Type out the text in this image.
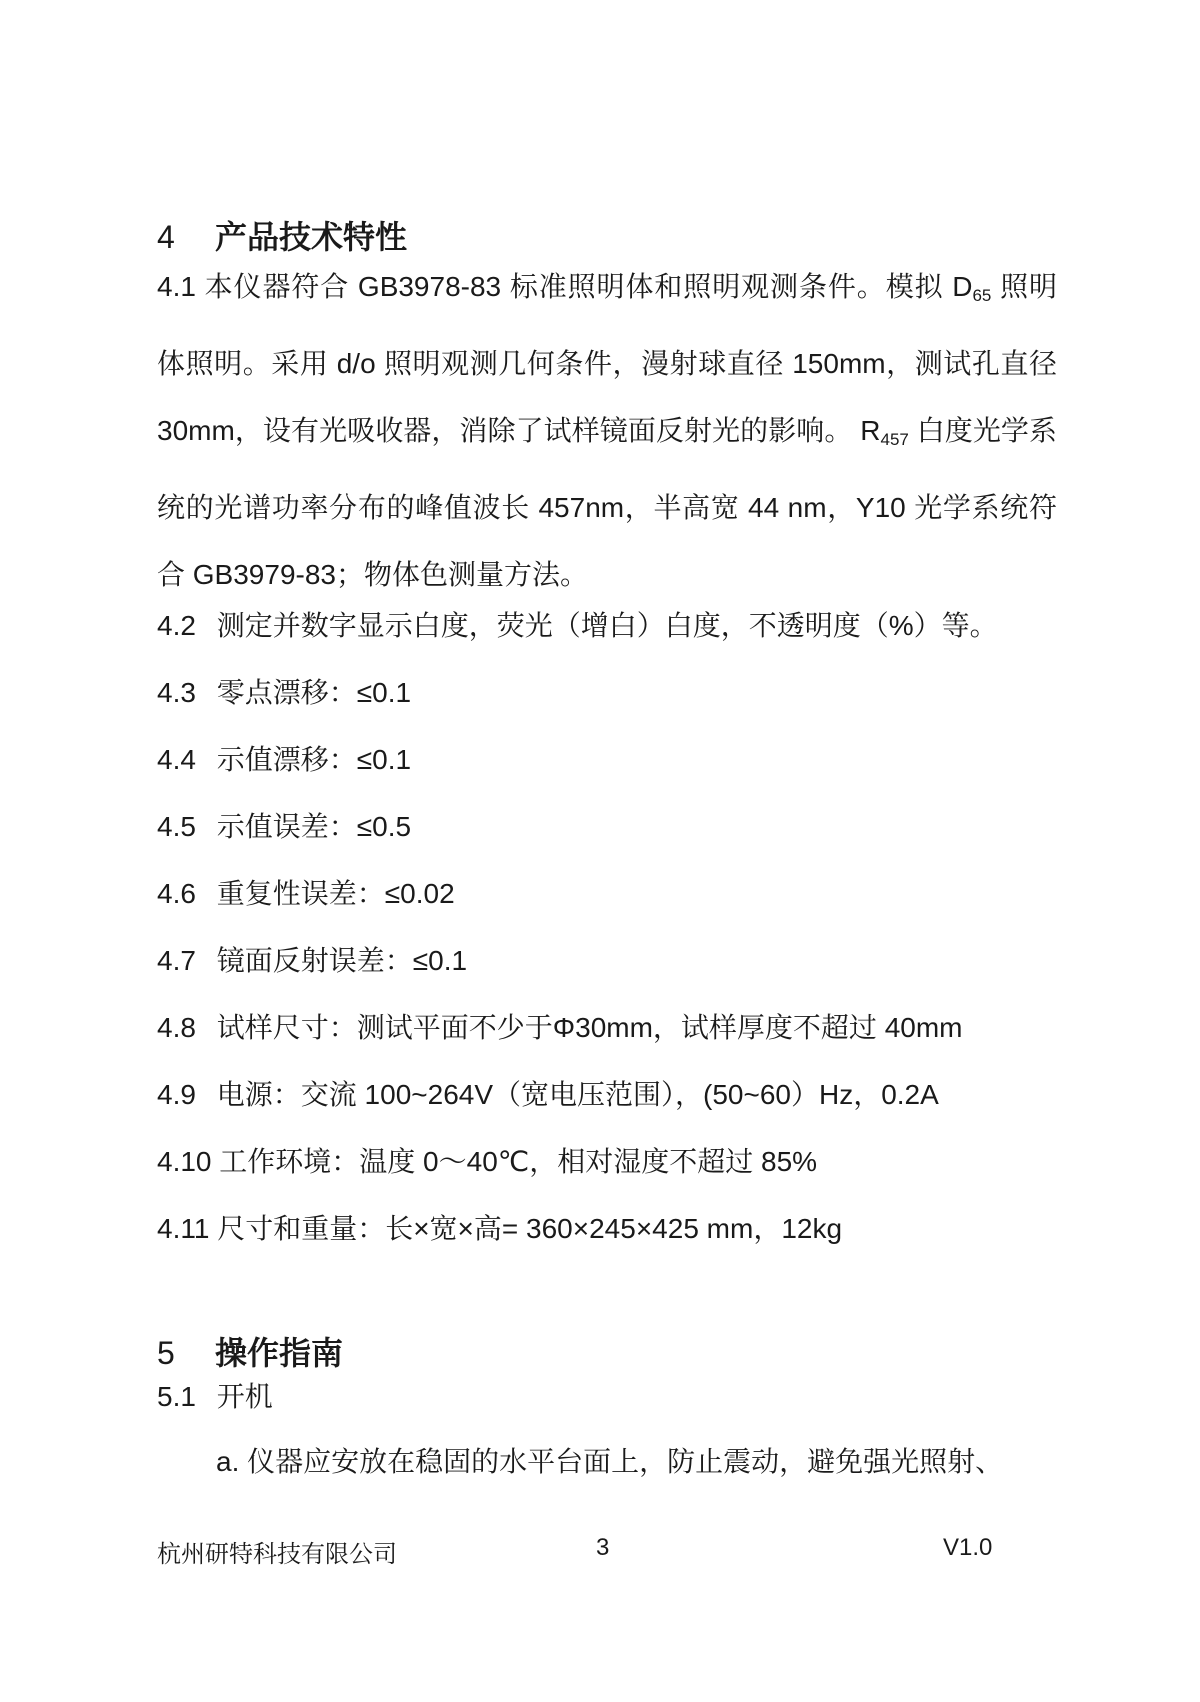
4 产品技术特性
4.1 本仪器符合 GB3978-83 标准照明体和照明观测条件。模拟 $D_{65}$ 照明体照明。采用 d/o 照明观测几何条件，漫射球直径 150mm，测试孔直径 30mm，设有光吸收器，消除了试样镜面反射光的影响。 $R_{457}$ 白度光学系统的光谱功率分布的峰值波长 457nm，半高宽 44 nm，Y10 光学系统符合 GB3979-83；物体色测量方法。
4.2 测定并数字显示白度，荧光（增白）白度，不透明度（%）等。
4.3 零点漂移：≤0.1
4.4 示值漂移：≤0.1
4.5 示值误差：≤0.5
4.6 重复性误差：≤0.02
4.7 镜面反射误差：≤0.1
4.8 试样尺寸：测试平面不少于Φ30mm，试样厚度不超过 40mm
4.9 电源：交流 100~264V（宽电压范围），(50~60）Hz，0.2A
4.10 工作环境：温度 0～40℃，相对湿度不超过 85%
4.11 尺寸和重量：长×宽×高= 360×245×425 mm，12kg
5 操作指南
5.1 开机
a. 仪器应安放在稳固的水平台面上，防止震动，避免强光照射、
杭州研特科技有限公司	3	V1.0
